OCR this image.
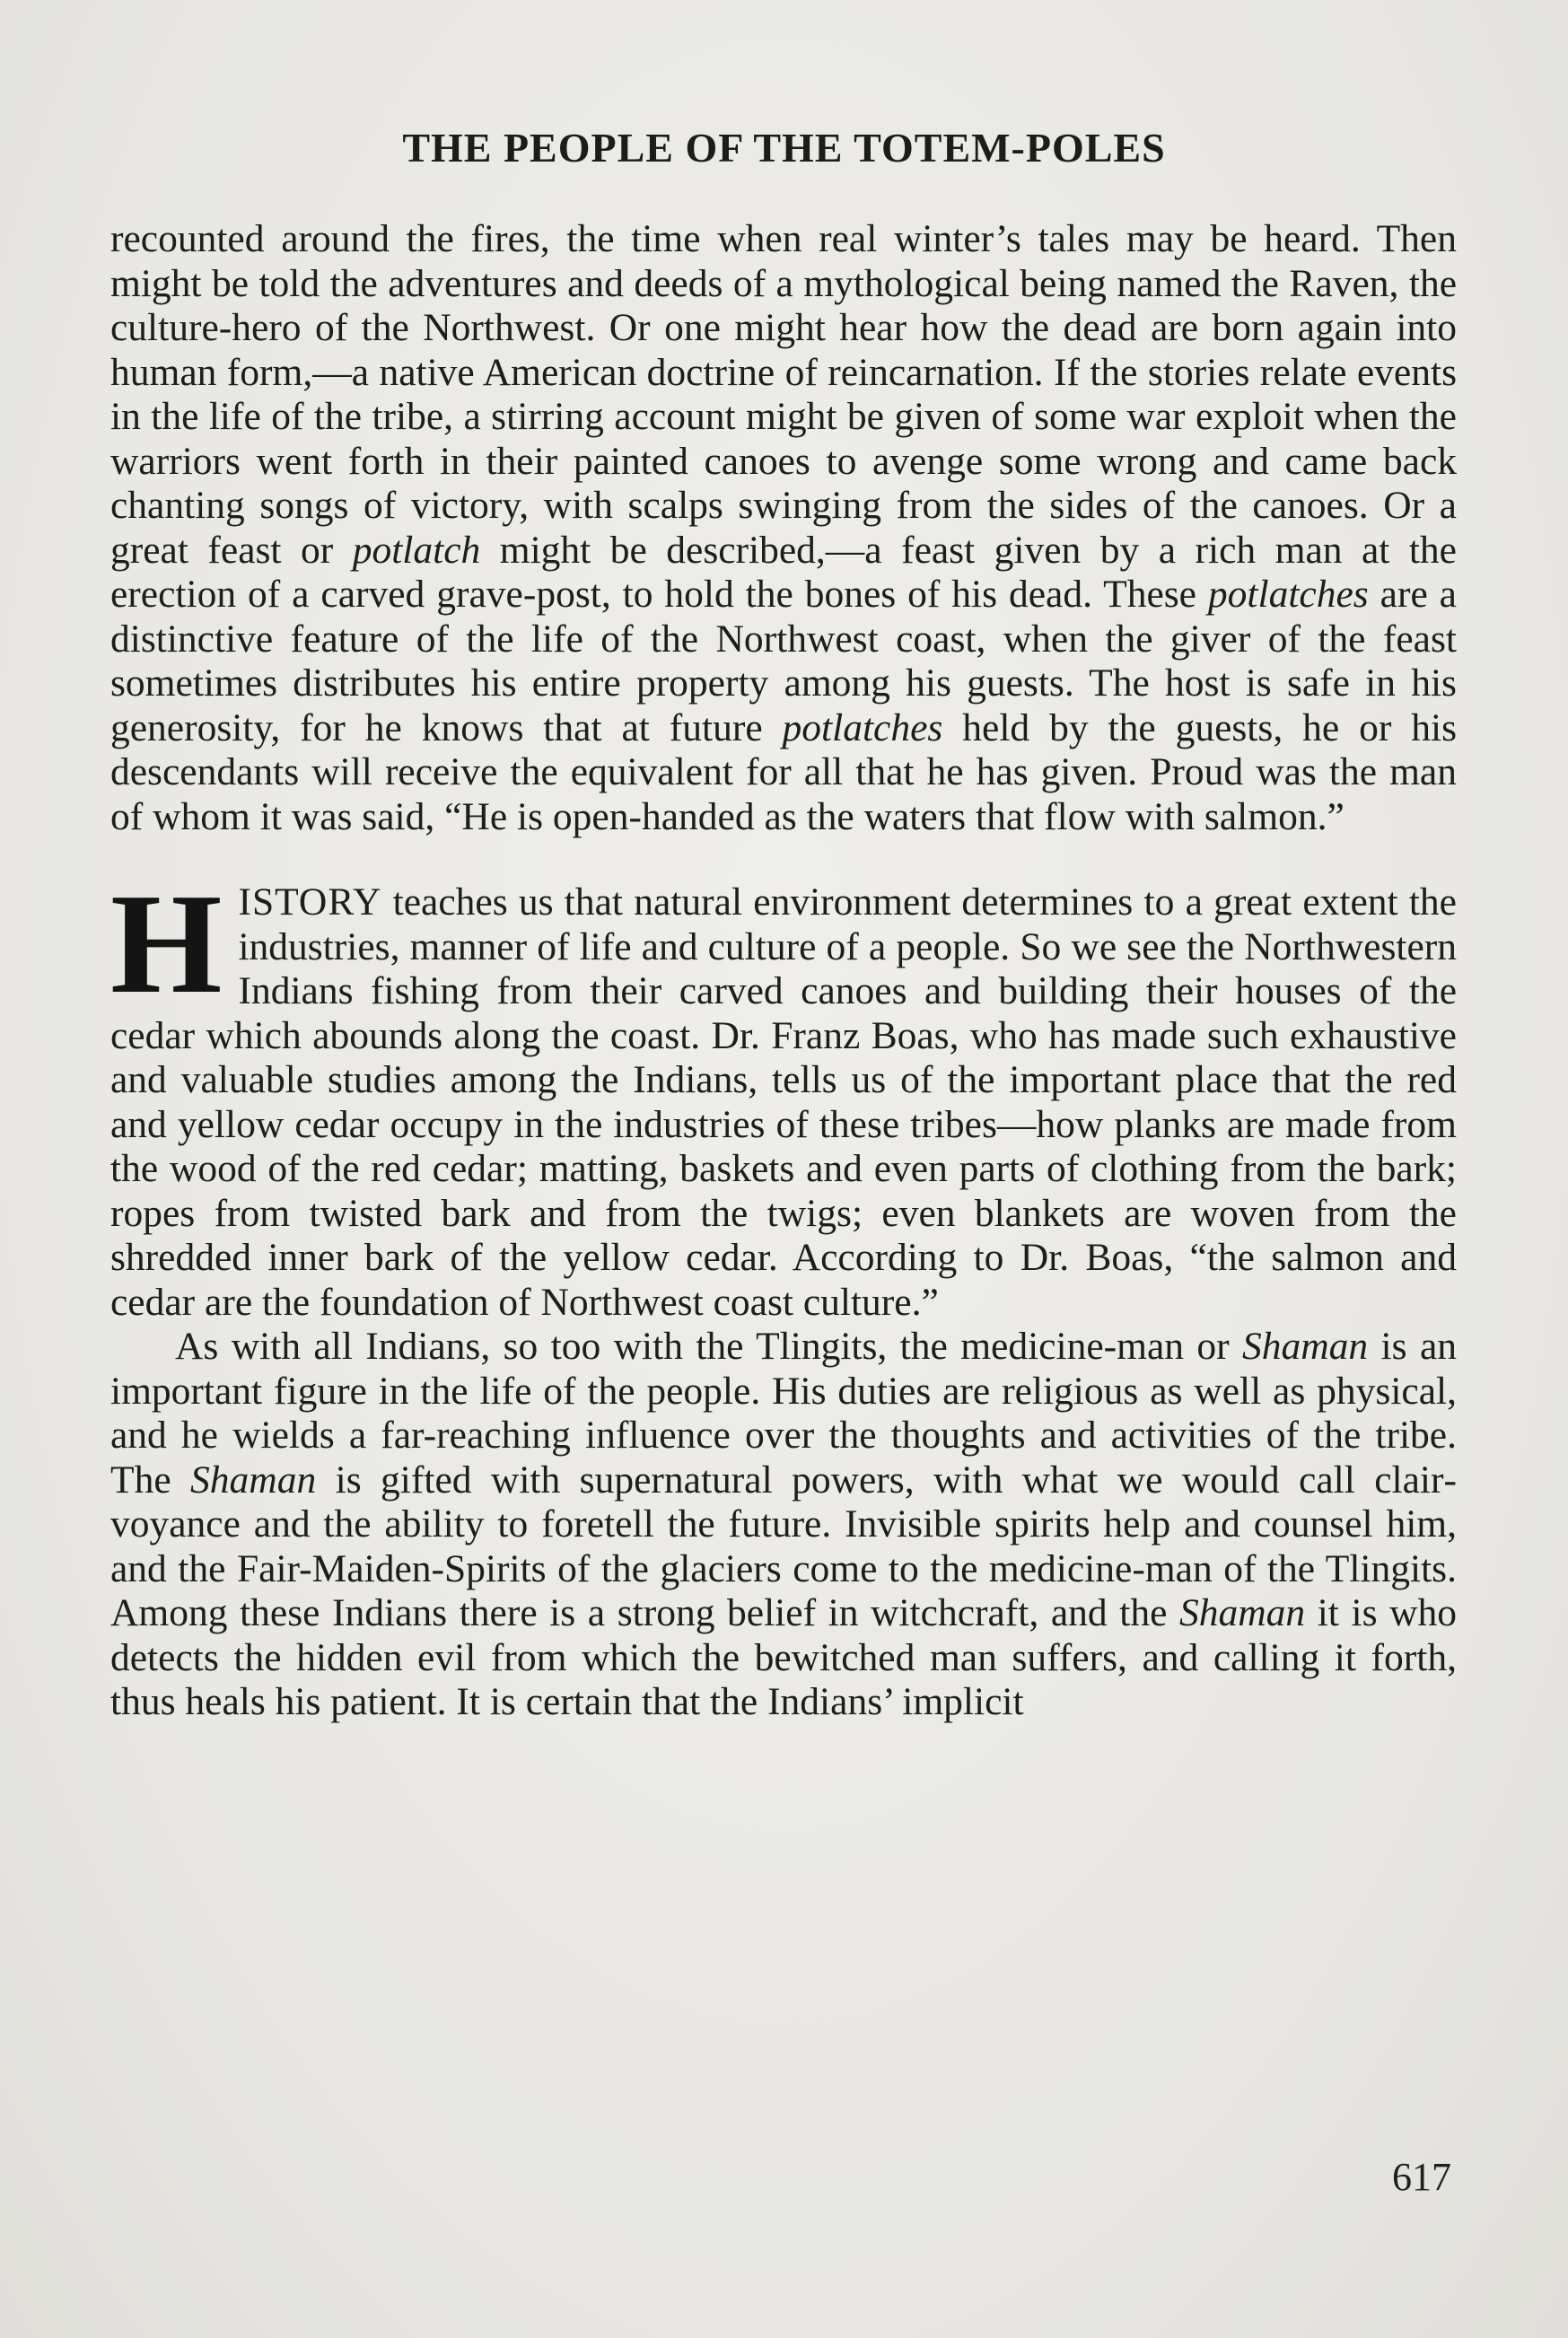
THE PEOPLE OF THE TOTEM-POLES

recounted around the fires, the time when real winter’s tales may be heard. Then might be told the adventures and deeds of a mythological being named the Raven, the culture-hero of the Northwest. Or one might hear how the dead are born again into human form,—a native American doctrine of reincarnation. If the stories relate events in the life of the tribe, a stirring account might be given of some war exploit when the warriors went forth in their painted canoes to avenge some wrong and came back chanting songs of victory, with scalps swinging from the sides of the canoes. Or a great feast or potlatch might be described,—a feast given by a rich man at the erection of a carved grave-post, to hold the bones of his dead. These potlatches are a distinctive feature of the life of the Northwest coast, when the giver of the feast sometimes distributes his entire property among his guests. The host is safe in his generosity, for he knows that at future potlatches held by the guests, he or his descendants will receive the equivalent for all that he has given. Proud was the man of whom it was said, “He is open-handed as the waters that flow with salmon.”

HISTORY teaches us that natural environment determines to a great extent the industries, manner of life and culture of a people. So we see the Northwestern Indians fishing from their carved canoes and building their houses of the cedar which abounds along the coast. Dr. Franz Boas, who has made such exhaustive and valuable studies among the Indians, tells us of the important place that the red and yellow cedar occupy in the industries of these tribes—how planks are made from the wood of the red cedar; matting, baskets and even parts of clothing from the bark; ropes from twisted bark and from the twigs; even blankets are woven from the shredded inner bark of the yellow cedar. According to Dr. Boas, “the salmon and cedar are the foundation of Northwest coast culture.”

As with all Indians, so too with the Tlingits, the medicine-man or Shaman is an important figure in the life of the people. His duties are religious as well as physical, and he wields a far-reaching influence over the thoughts and activities of the tribe. The Shaman is gifted with supernatural powers, with what we would call clairvoyance and the ability to foretell the future. Invisible spirits help and counsel him, and the Fair-Maiden-Spirits of the glaciers come to the medicine-man of the Tlingits. Among these Indians there is a strong belief in witchcraft, and the Shaman it is who detects the hidden evil from which the bewitched man suffers, and calling it forth, thus heals his patient. It is certain that the Indians’ implicit

617
